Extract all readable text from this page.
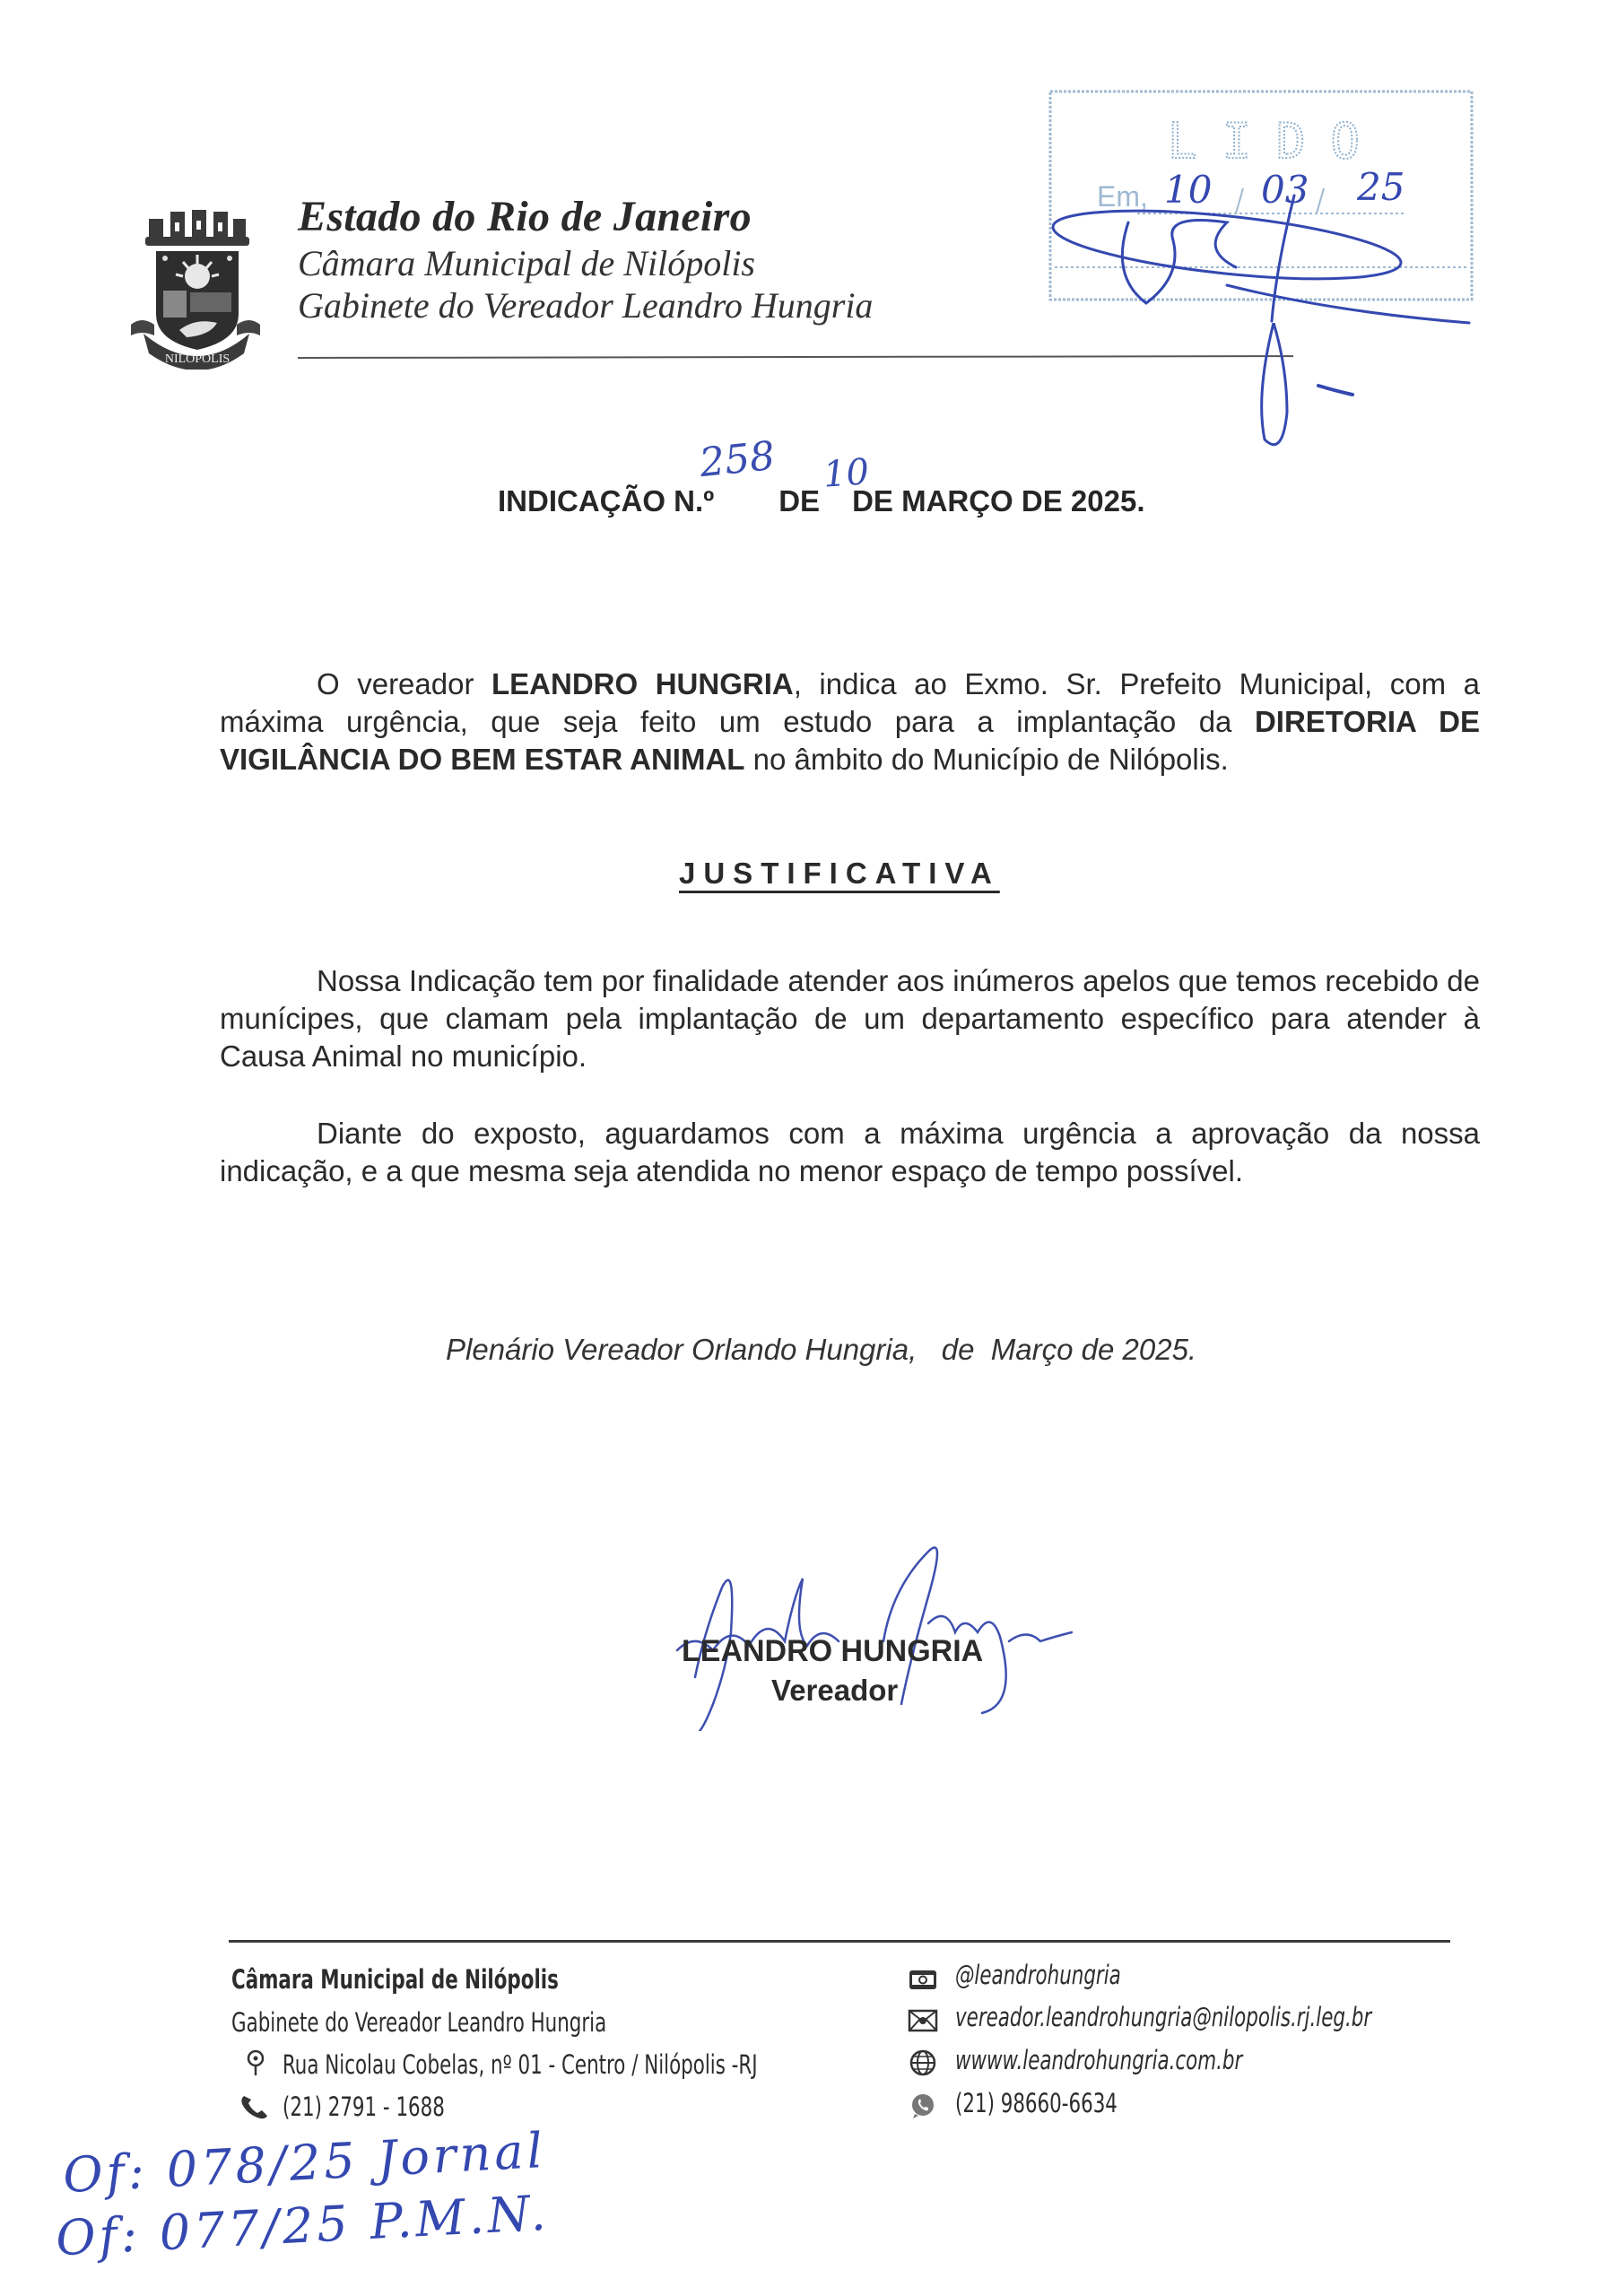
NILÓPOLIS
Estado do Rio de Janeiro
Câmara Municipal de Nilópolis
Gabinete do Vereador Leandro Hungria
LIDO
Em, 10 03 25
INDICAÇÃO N.º DE DE MARÇO DE 2025.
258 10
O vereador LEANDRO HUNGRIA, indica ao Exmo. Sr. Prefeito Municipal, com a máxima urgência, que seja feito um estudo para a implantação da DIRETORIA DE VIGILÂNCIA DO BEM ESTAR ANIMAL no âmbito do Município de Nilópolis.
JUSTIFICATIVA
Nossa Indicação tem por finalidade atender aos inúmeros apelos que temos recebido de munícipes, que clamam pela implantação de um departamento específico para atender à Causa Animal no município.
Diante do exposto, aguardamos com a máxima urgência a aprovação da nossa indicação, e a que mesma seja atendida no menor espaço de tempo possível.
Plenário Vereador Orlando Hungria,   de  Março de 2025.
LEANDRO HUNGRIA
Vereador
Câmara Municipal de Nilópolis
Gabinete do Vereador Leandro Hungria
Rua Nicolau Cobelas, nº 01 - Centro / Nilópolis -RJ
(21) 2791 - 1688
@leandrohungria
vereador.leandrohungria@nilopolis.rj.leg.br
wwww.leandrohungria.com.br
(21) 98660-6634
Of: 078/25 Jornal
Of: 077/25 P.M.N.
